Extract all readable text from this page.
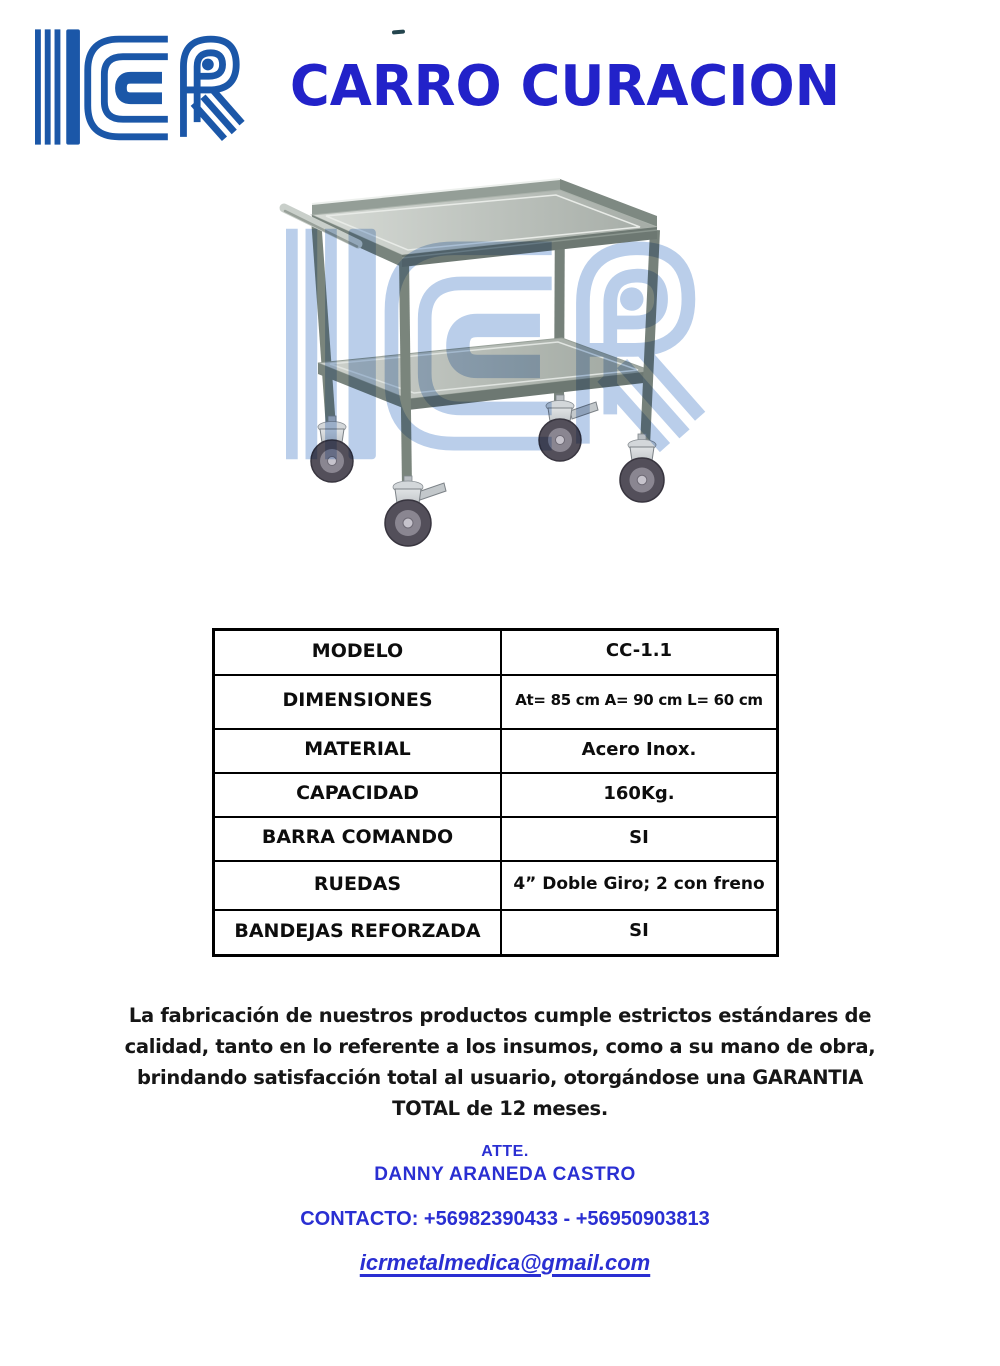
CARRO CURACION
MODELO	CC-1.1
DIMENSIONES	At= 85 cm A= 90 cm L= 60 cm
MATERIAL	Acero Inox.
CAPACIDAD	160Kg.
BARRA COMANDO	SI
RUEDAS	4” Doble Giro; 2 con freno
BANDEJAS REFORZADA	SI
La fabricación de nuestros productos cumple estrictos estándares de
calidad, tanto en lo referente a los insumos, como a su mano de obra,
brindando satisfacción total al usuario, otorgándose una GARANTIA
TOTAL de 12 meses.
ATTE.
DANNY ARANEDA CASTRO
CONTACTO: +56982390433 - +56950903813
icrmetalmedica@gmail.com
